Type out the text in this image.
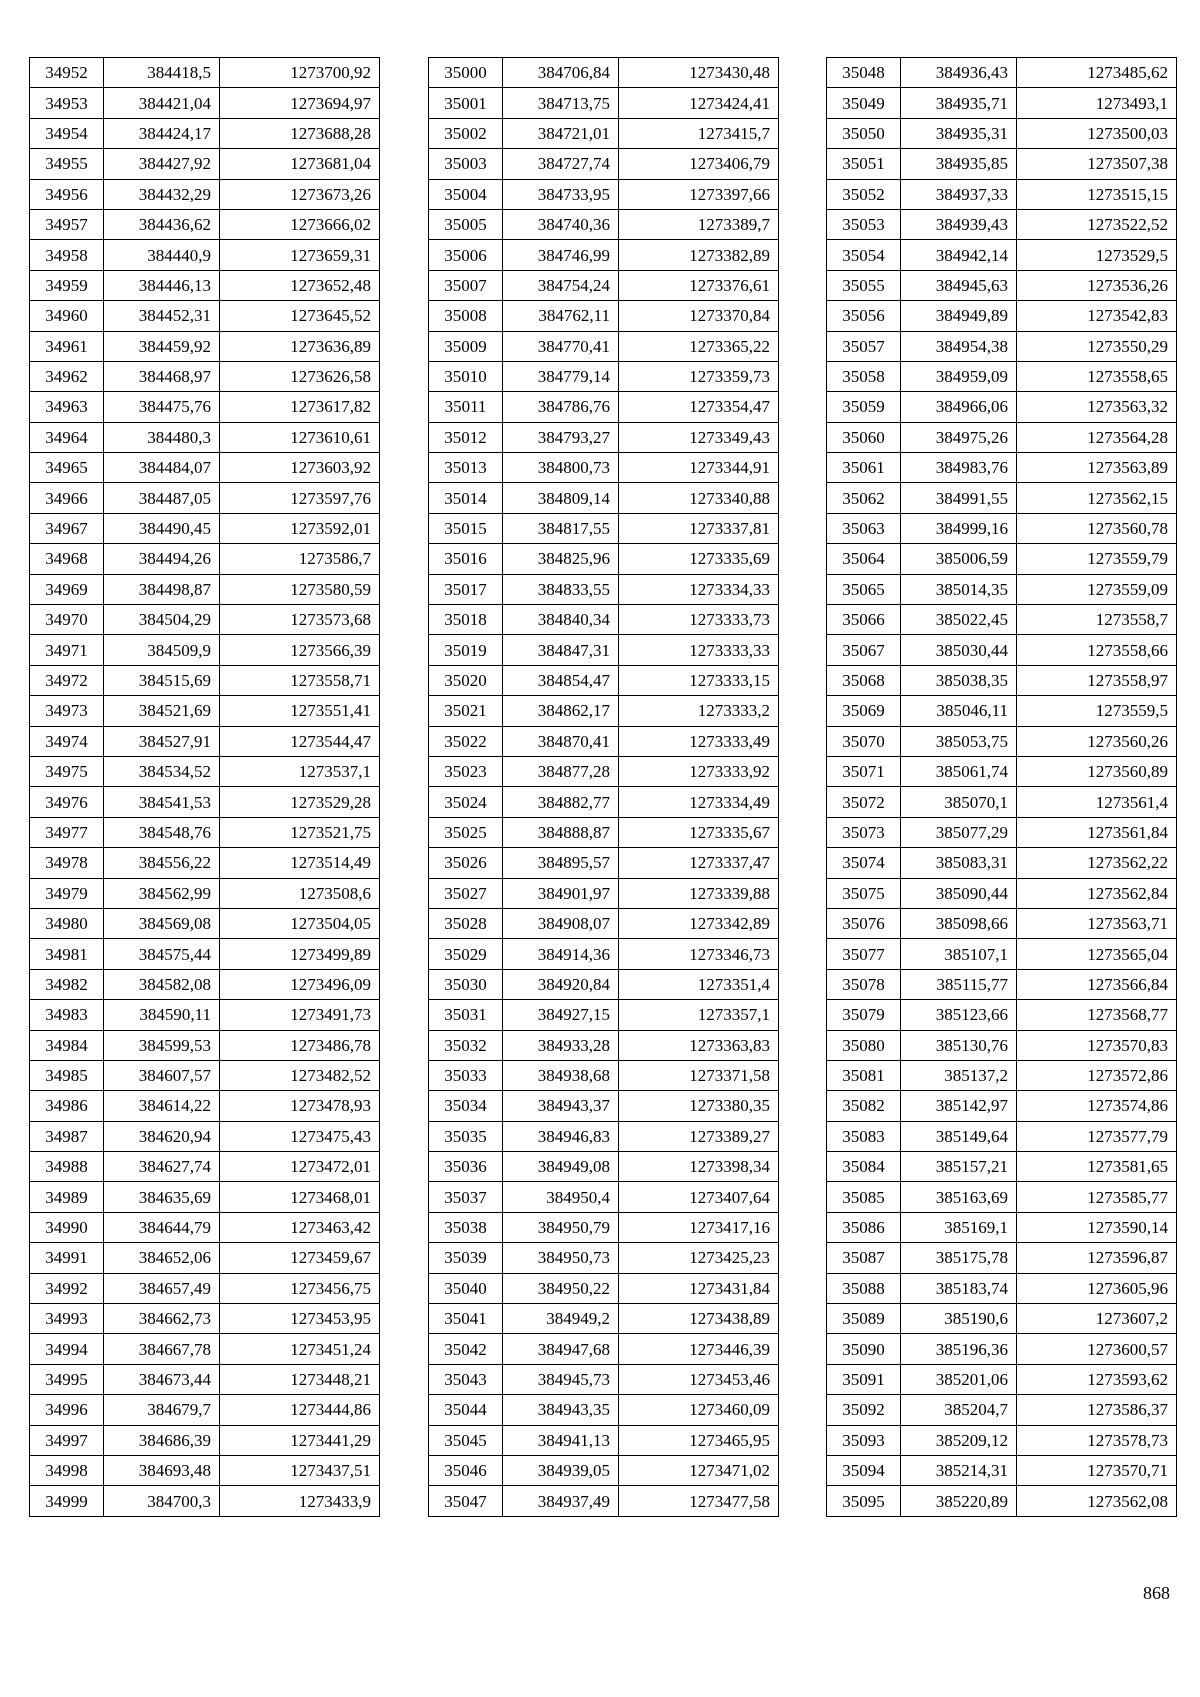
34952	384418,5	1273700,92
34953	384421,04	1273694,97
34954	384424,17	1273688,28
34955	384427,92	1273681,04
34956	384432,29	1273673,26
34957	384436,62	1273666,02
34958	384440,9	1273659,31
34959	384446,13	1273652,48
34960	384452,31	1273645,52
34961	384459,92	1273636,89
34962	384468,97	1273626,58
34963	384475,76	1273617,82
34964	384480,3	1273610,61
34965	384484,07	1273603,92
34966	384487,05	1273597,76
34967	384490,45	1273592,01
34968	384494,26	1273586,7
34969	384498,87	1273580,59
34970	384504,29	1273573,68
34971	384509,9	1273566,39
34972	384515,69	1273558,71
34973	384521,69	1273551,41
34974	384527,91	1273544,47
34975	384534,52	1273537,1
34976	384541,53	1273529,28
34977	384548,76	1273521,75
34978	384556,22	1273514,49
34979	384562,99	1273508,6
34980	384569,08	1273504,05
34981	384575,44	1273499,89
34982	384582,08	1273496,09
34983	384590,11	1273491,73
34984	384599,53	1273486,78
34985	384607,57	1273482,52
34986	384614,22	1273478,93
34987	384620,94	1273475,43
34988	384627,74	1273472,01
34989	384635,69	1273468,01
34990	384644,79	1273463,42
34991	384652,06	1273459,67
34992	384657,49	1273456,75
34993	384662,73	1273453,95
34994	384667,78	1273451,24
34995	384673,44	1273448,21
34996	384679,7	1273444,86
34997	384686,39	1273441,29
34998	384693,48	1273437,51
34999	384700,3	1273433,9
35000	384706,84	1273430,48
35001	384713,75	1273424,41
35002	384721,01	1273415,7
35003	384727,74	1273406,79
35004	384733,95	1273397,66
35005	384740,36	1273389,7
35006	384746,99	1273382,89
35007	384754,24	1273376,61
35008	384762,11	1273370,84
35009	384770,41	1273365,22
35010	384779,14	1273359,73
35011	384786,76	1273354,47
35012	384793,27	1273349,43
35013	384800,73	1273344,91
35014	384809,14	1273340,88
35015	384817,55	1273337,81
35016	384825,96	1273335,69
35017	384833,55	1273334,33
35018	384840,34	1273333,73
35019	384847,31	1273333,33
35020	384854,47	1273333,15
35021	384862,17	1273333,2
35022	384870,41	1273333,49
35023	384877,28	1273333,92
35024	384882,77	1273334,49
35025	384888,87	1273335,67
35026	384895,57	1273337,47
35027	384901,97	1273339,88
35028	384908,07	1273342,89
35029	384914,36	1273346,73
35030	384920,84	1273351,4
35031	384927,15	1273357,1
35032	384933,28	1273363,83
35033	384938,68	1273371,58
35034	384943,37	1273380,35
35035	384946,83	1273389,27
35036	384949,08	1273398,34
35037	384950,4	1273407,64
35038	384950,79	1273417,16
35039	384950,73	1273425,23
35040	384950,22	1273431,84
35041	384949,2	1273438,89
35042	384947,68	1273446,39
35043	384945,73	1273453,46
35044	384943,35	1273460,09
35045	384941,13	1273465,95
35046	384939,05	1273471,02
35047	384937,49	1273477,58
35048	384936,43	1273485,62
35049	384935,71	1273493,1
35050	384935,31	1273500,03
35051	384935,85	1273507,38
35052	384937,33	1273515,15
35053	384939,43	1273522,52
35054	384942,14	1273529,5
35055	384945,63	1273536,26
35056	384949,89	1273542,83
35057	384954,38	1273550,29
35058	384959,09	1273558,65
35059	384966,06	1273563,32
35060	384975,26	1273564,28
35061	384983,76	1273563,89
35062	384991,55	1273562,15
35063	384999,16	1273560,78
35064	385006,59	1273559,79
35065	385014,35	1273559,09
35066	385022,45	1273558,7
35067	385030,44	1273558,66
35068	385038,35	1273558,97
35069	385046,11	1273559,5
35070	385053,75	1273560,26
35071	385061,74	1273560,89
35072	385070,1	1273561,4
35073	385077,29	1273561,84
35074	385083,31	1273562,22
35075	385090,44	1273562,84
35076	385098,66	1273563,71
35077	385107,1	1273565,04
35078	385115,77	1273566,84
35079	385123,66	1273568,77
35080	385130,76	1273570,83
35081	385137,2	1273572,86
35082	385142,97	1273574,86
35083	385149,64	1273577,79
35084	385157,21	1273581,65
35085	385163,69	1273585,77
35086	385169,1	1273590,14
35087	385175,78	1273596,87
35088	385183,74	1273605,96
35089	385190,6	1273607,2
35090	385196,36	1273600,57
35091	385201,06	1273593,62
35092	385204,7	1273586,37
35093	385209,12	1273578,73
35094	385214,31	1273570,71
35095	385220,89	1273562,08
868
